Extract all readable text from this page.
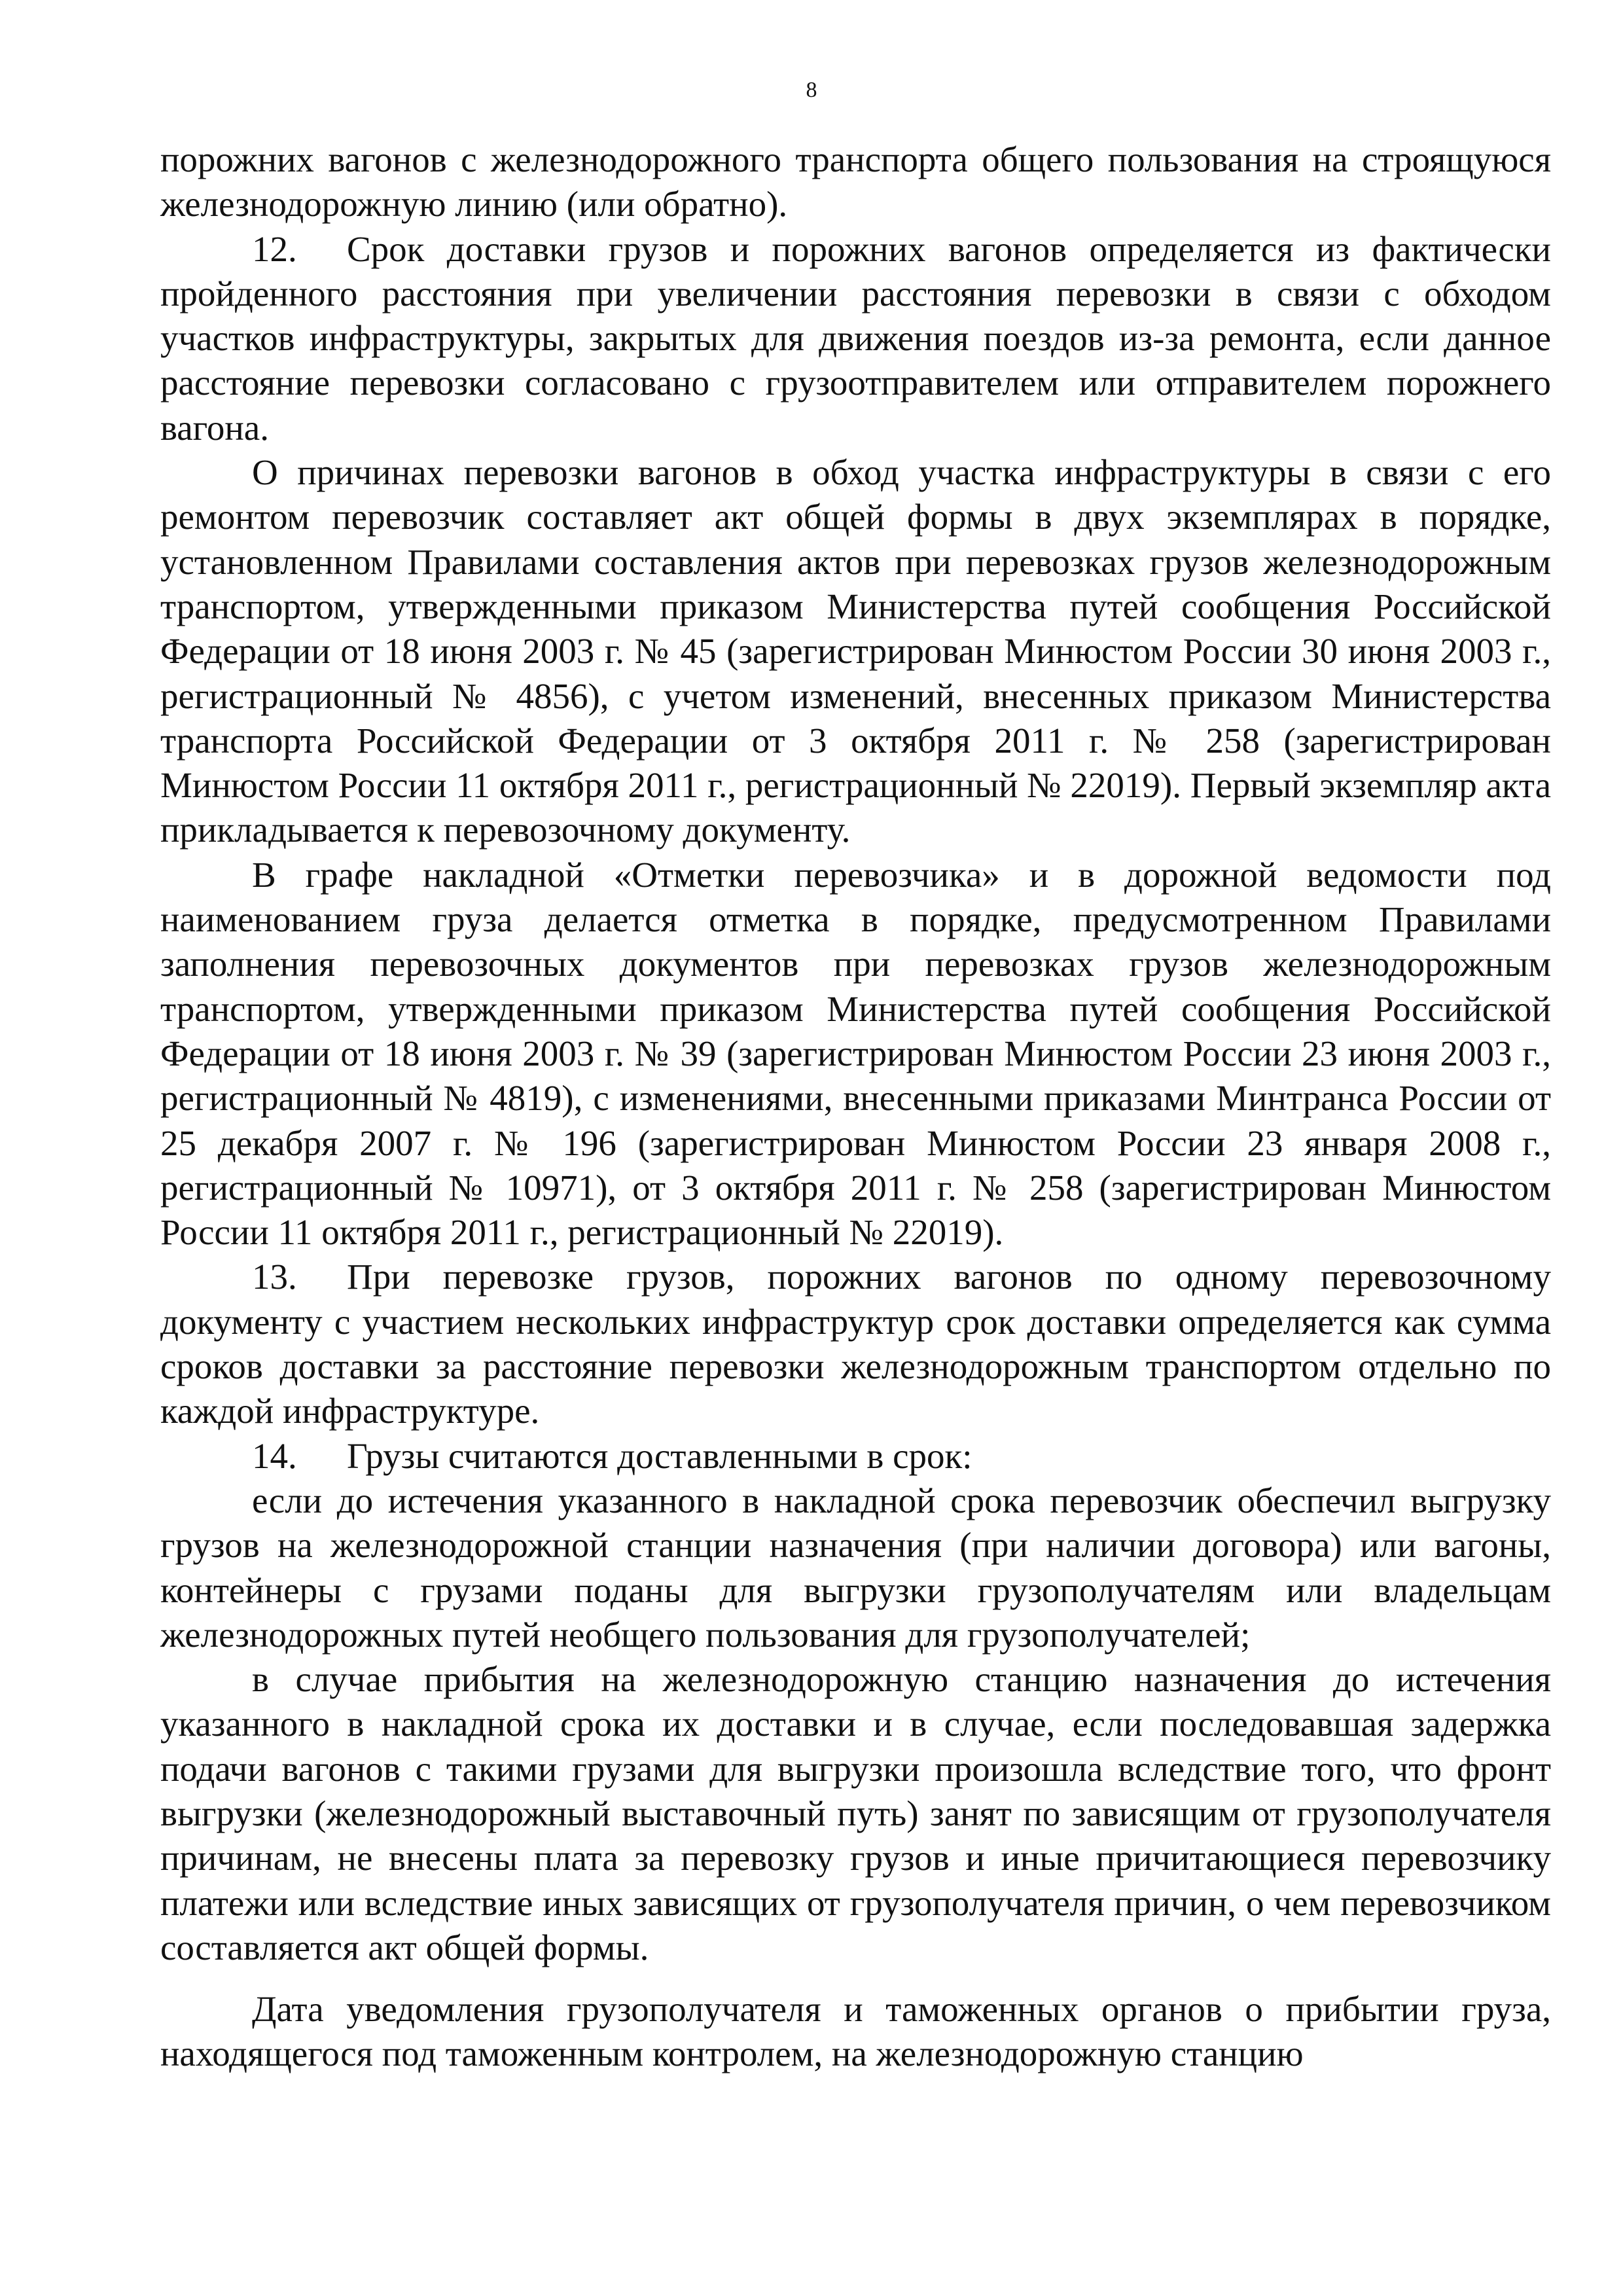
8

порожних вагонов с железнодорожного транспорта общего пользования на строящуюся железнодорожную линию (или обратно).

12. Срок доставки грузов и порожних вагонов определяется из фактически пройденного расстояния при увеличении расстояния перевозки в связи с обходом участков инфраструктуры, закрытых для движения поездов из-за ремонта, если данное расстояние перевозки согласовано с грузоотправителем или отправителем порожнего вагона.

О причинах перевозки вагонов в обход участка инфраструктуры в связи с его ремонтом перевозчик составляет акт общей формы в двух экземплярах в порядке, установленном Правилами составления актов при перевозках грузов железнодорожным транспортом, утвержденными приказом Министерства путей сообщения Российской Федерации от 18 июня 2003 г. № 45 (зарегистрирован Минюстом России 30 июня 2003 г., регистрационный № 4856), с учетом изменений, внесенных приказом Министерства транспорта Российской Федерации от 3 октября 2011 г. № 258 (зарегистрирован Минюстом России 11 октября 2011 г., регистрационный № 22019). Первый экземпляр акта прикладывается к перевозочному документу.

В графе накладной «Отметки перевозчика» и в дорожной ведомости под наименованием груза делается отметка в порядке, предусмотренном Правилами заполнения перевозочных документов при перевозках грузов железнодорожным транспортом, утвержденными приказом Министерства путей сообщения Российской Федерации от 18 июня 2003 г. № 39 (зарегистрирован Минюстом России 23 июня 2003 г., регистрационный № 4819), с изменениями, внесенными приказами Минтранса России от 25 декабря 2007 г. № 196 (зарегистрирован Минюстом России 23 января 2008 г., регистрационный № 10971), от 3 октября 2011 г. № 258 (зарегистрирован Минюстом России 11 октября 2011 г., регистрационный № 22019).

13. При перевозке грузов, порожних вагонов по одному перевозочному документу с участием нескольких инфраструктур срок доставки определяется как сумма сроков доставки за расстояние перевозки железнодорожным транспортом отдельно по каждой инфраструктуре.

14. Грузы считаются доставленными в срок:

если до истечения указанного в накладной срока перевозчик обеспечил выгрузку грузов на железнодорожной станции назначения (при наличии договора) или вагоны, контейнеры с грузами поданы для выгрузки грузополучателям или владельцам железнодорожных путей необщего пользования для грузополучателей;

в случае прибытия на железнодорожную станцию назначения до истечения указанного в накладной срока их доставки и в случае, если последовавшая задержка подачи вагонов с такими грузами для выгрузки произошла вследствие того, что фронт выгрузки (железнодорожный выставочный путь) занят по зависящим от грузополучателя причинам, не внесены плата за перевозку грузов и иные причитающиеся перевозчику платежи или вследствие иных зависящих от грузополучателя причин, о чем перевозчиком составляется акт общей формы.

Дата уведомления грузополучателя и таможенных органов о прибытии груза, находящегося под таможенным контролем, на железнодорожную станцию
